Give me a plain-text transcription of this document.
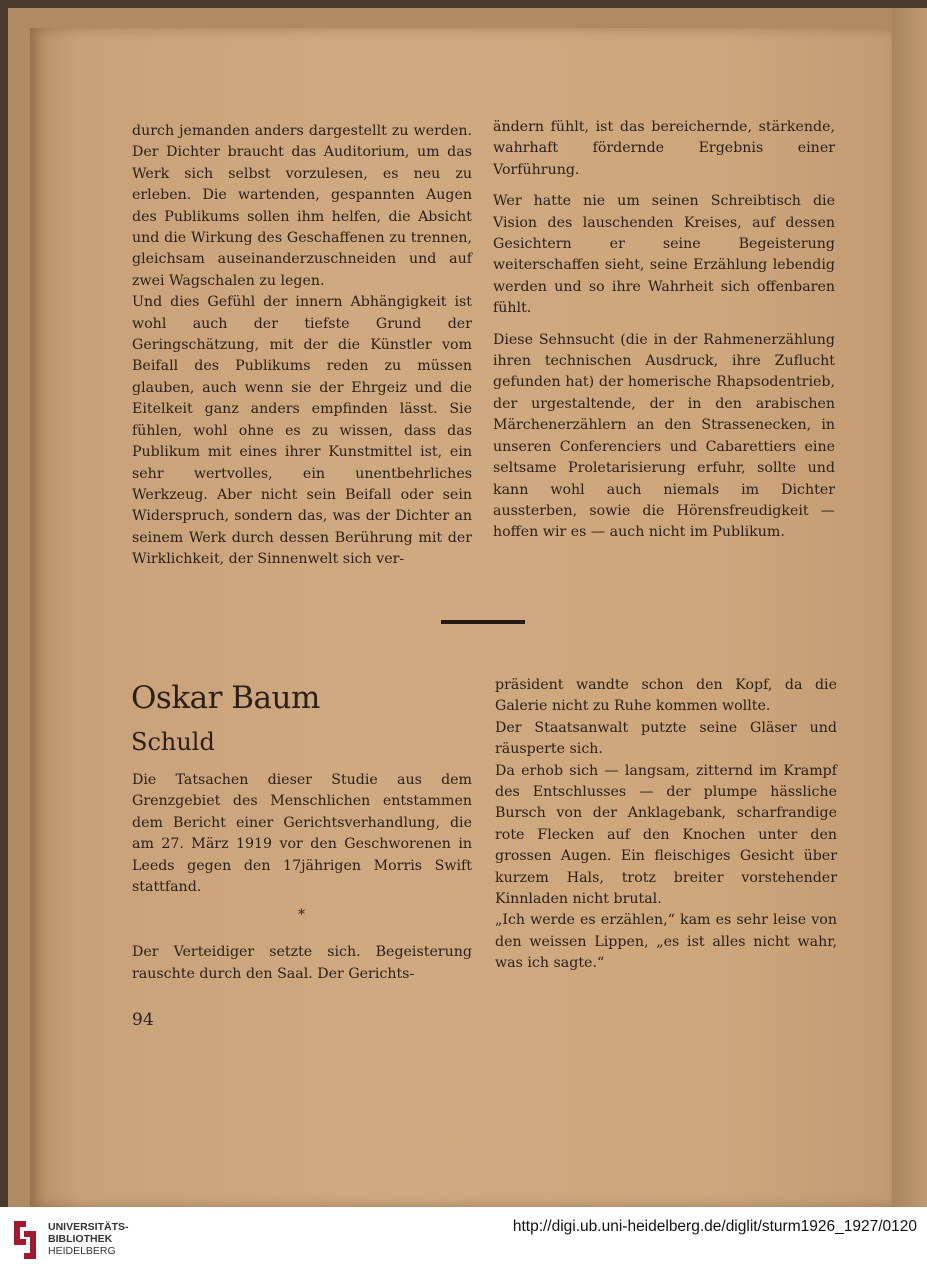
durch jemanden anders dargestellt zu werden. Der Dichter braucht das Auditorium, um das Werk sich selbst vorzulesen, es neu zu erleben. Die wartenden, gespannten Augen des Publikums sollen ihm helfen, die Absicht und die Wirkung des Geschaffenen zu trennen, gleichsam auseinanderzuschneiden und auf zwei Wagschalen zu legen.

Und dies Gefühl der innern Abhängigkeit ist wohl auch der tiefste Grund der Geringschätzung, mit der die Künstler vom Beifall des Publikums reden zu müssen glauben, auch wenn sie der Ehrgeiz und die Eitelkeit ganz anders empfinden lässt. Sie fühlen, wohl ohne es zu wissen, dass das Publikum mit eines ihrer Kunstmittel ist, ein sehr wertvolles, ein unentbehrliches Werkzeug. Aber nicht sein Beifall oder sein Widerspruch, sondern das, was der Dichter an seinem Werk durch dessen Berührung mit der Wirklichkeit, der Sinnenwelt sich ver-

ändern fühlt, ist das bereichernde, stärkende, wahrhaft fördernde Ergebnis einer Vorführung.

Wer hatte nie um seinen Schreibtisch die Vision des lauschenden Kreises, auf dessen Gesichtern er seine Begeisterung weiterschaffen sieht, seine Erzählung lebendig werden und so ihre Wahrheit sich offenbaren fühlt.

Diese Sehnsucht (die in der Rahmenerzählung ihren technischen Ausdruck, ihre Zuflucht gefunden hat) der homerische Rhapsodentrieb, der urgestaltende, der in den arabischen Märchenerzählern an den Strassenecken, in unseren Conferenciers und Cabarettiers eine seltsame Proletarisierung erfuhr, sollte und kann wohl auch niemals im Dichter aussterben, sowie die Hörensfreudigkeit — hoffen wir es — auch nicht im Publikum.

Oskar Baum
Schuld

Die Tatsachen dieser Studie aus dem Grenzgebiet des Menschlichen entstammen dem Bericht einer Gerichtsverhandlung, die am 27. März 1919 vor den Geschworenen in Leeds gegen den 17jährigen Morris Swift stattfand.

Der Verteidiger setzte sich. Begeisterung rauschte durch den Saal. Der Gerichts-

*

präsident wandte schon den Kopf, da die Galerie nicht zu Ruhe kommen wollte.

Der Staatsanwalt putzte seine Gläser und räusperte sich.

Da erhob sich — langsam, zitternd im Krampf des Entschlusses — der plumpe hässliche Bursch von der Anklagebank, scharfrandige rote Flecken auf den Knochen unter den grossen Augen. Ein fleischiges Gesicht über kurzem Hals, trotz breiter vorstehender Kinnladen nicht brutal.

„Ich werde es erzählen,“ kam es sehr leise von den weissen Lippen, „es ist alles nicht wahr, was ich sagte.“

94
UNIVERSITÄTS-
BIBLIOTHEK
HEIDELBERG
http://digi.ub.uni-heidelberg.de/diglit/sturm1926_1927/0120
